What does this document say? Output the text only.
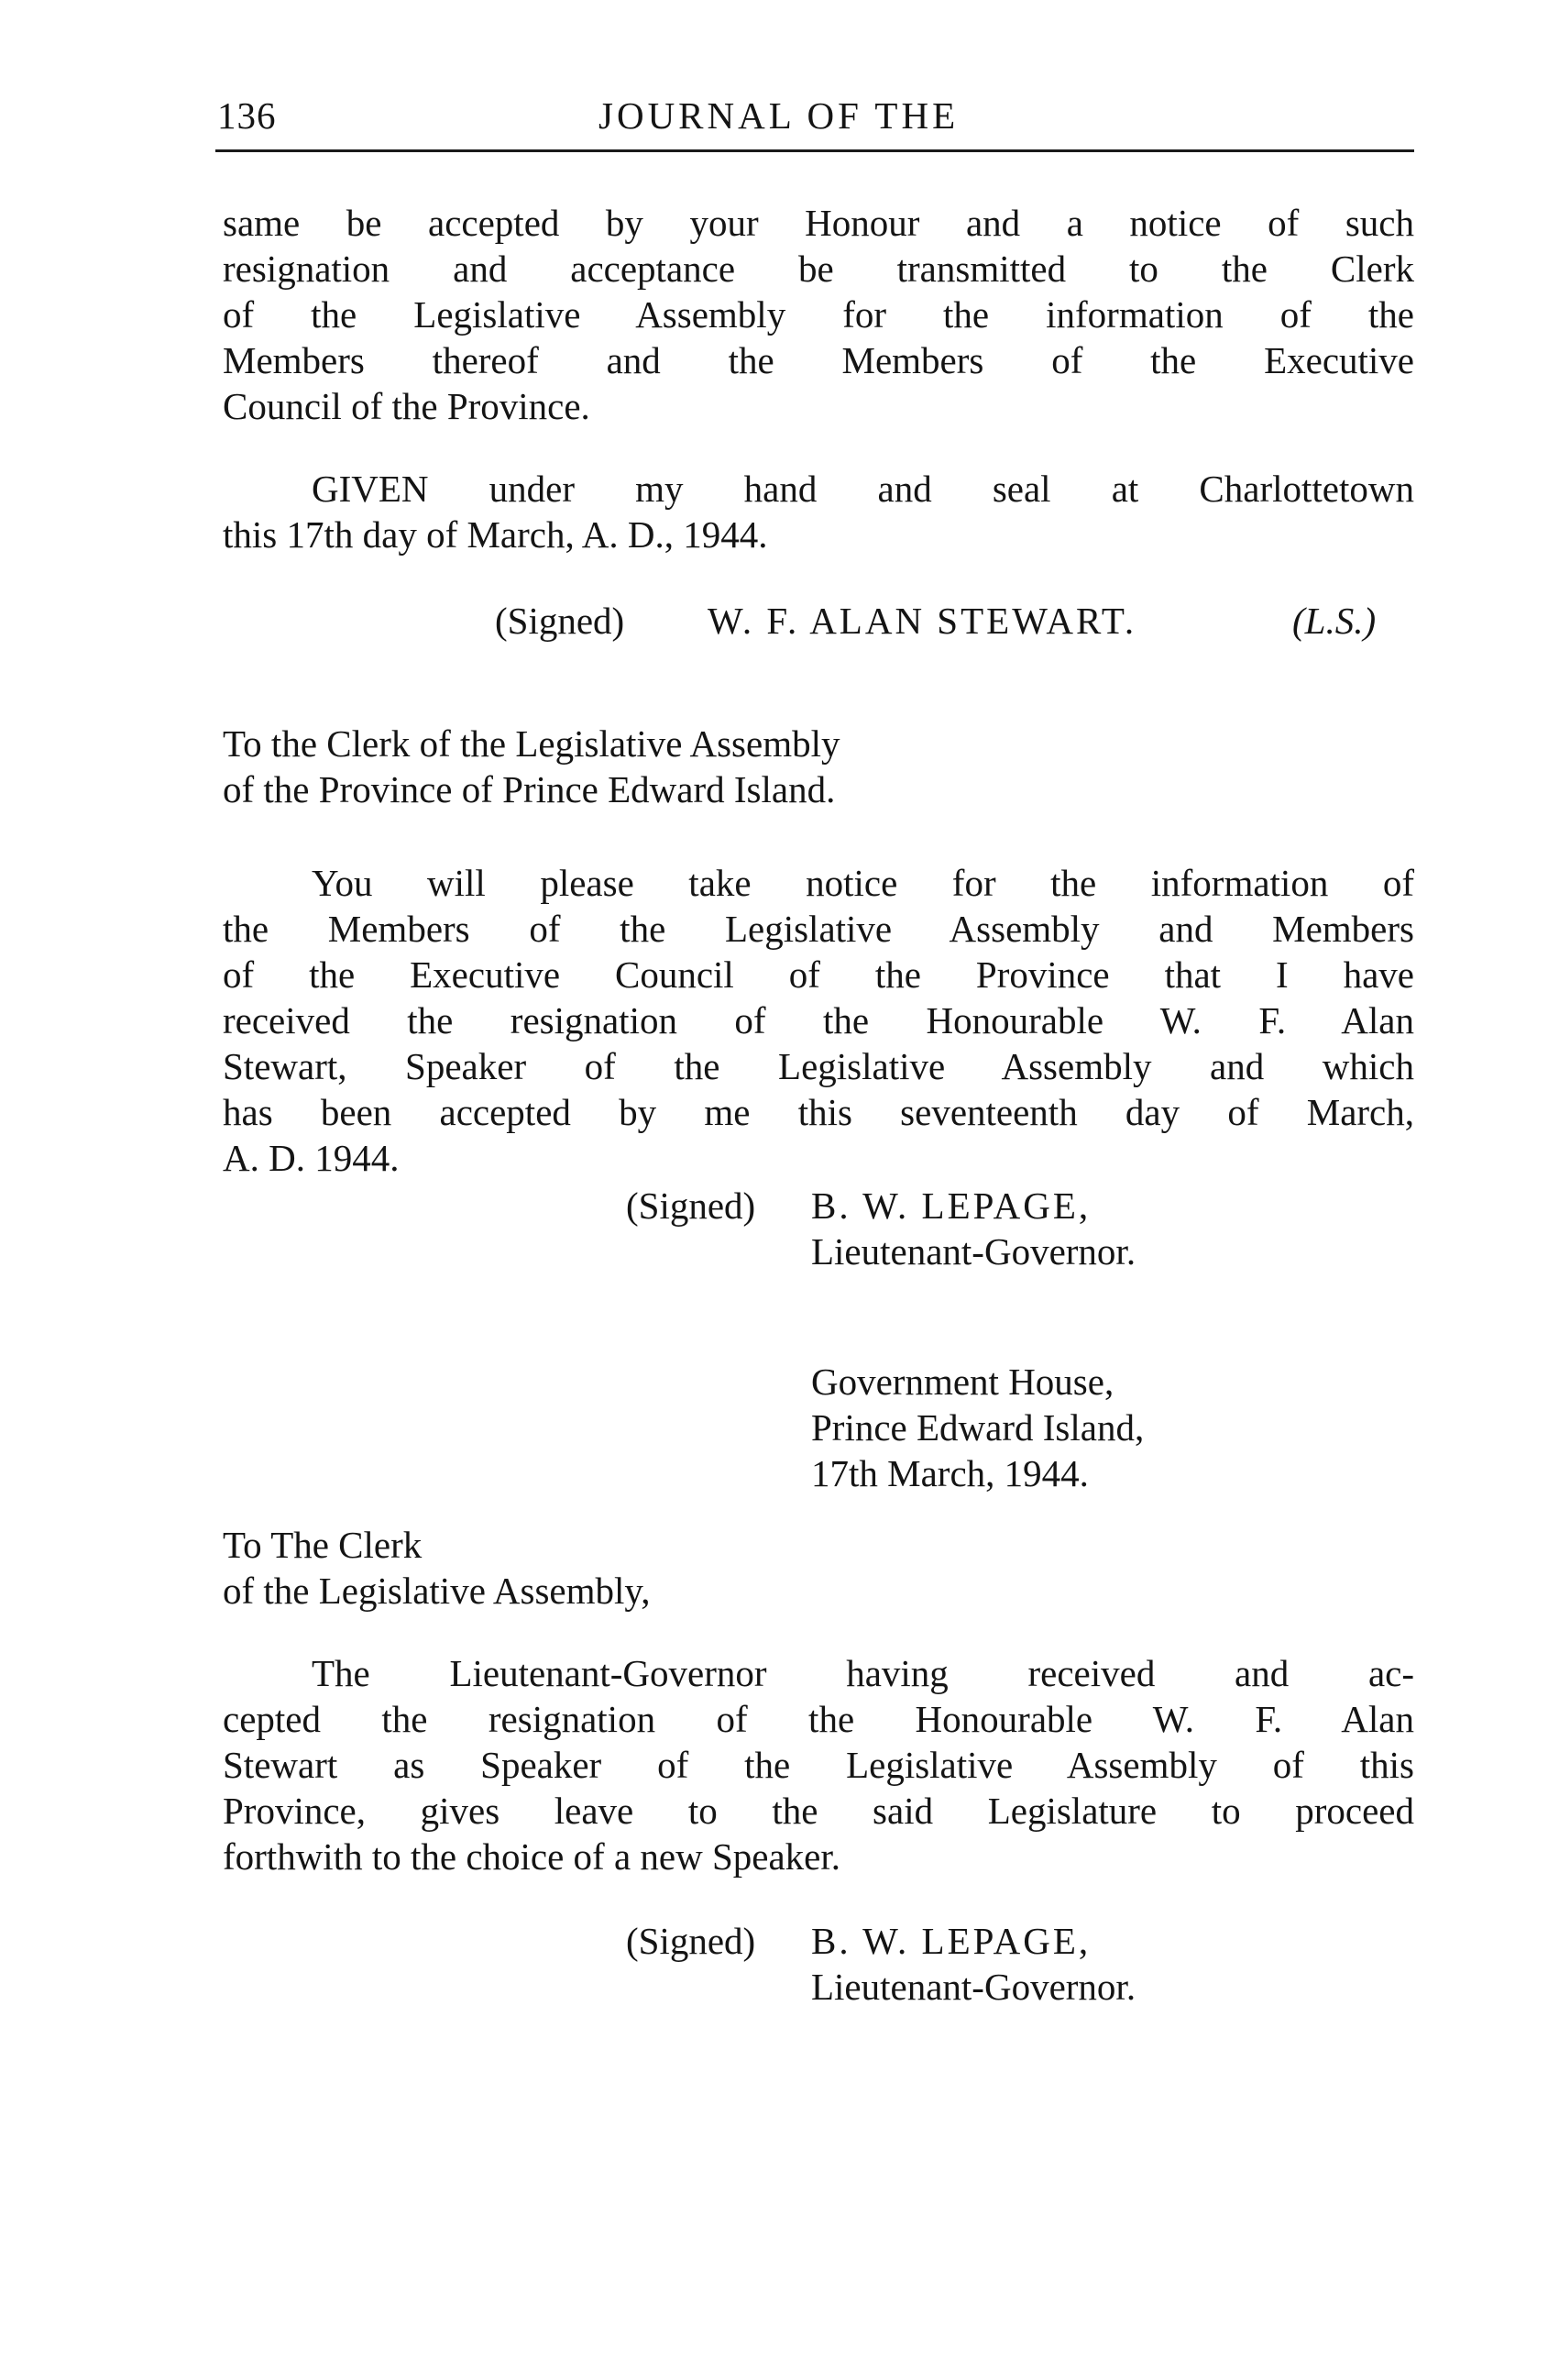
136	JOURNAL OF THE
same be accepted by your Honour and a notice of such
resignation and acceptance be transmitted to the Clerk
of the Legislative Assembly for the information of the
Members thereof and the Members of the Executive
Council of the Province.
GIVEN under my hand and seal at Charlottetown
this 17th day of March, A. D., 1944.
(Signed) W. F. ALAN STEWART.	(L.S.)
To the Clerk of the Legislative Assembly
of the Province of Prince Edward Island.
You will please take notice for the information of
the Members of the Legislative Assembly and Members
of the Executive Council of the Province that I have
received the resignation of the Honourable W. F. Alan
Stewart, Speaker of the Legislative Assembly and which
has been accepted by me this seventeenth day of March,
A. D. 1944.
(Signed) B. W. LEPAGE,
Lieutenant-Governor.
Government House,
Prince Edward Island,
17th March, 1944.
To The Clerk
of the Legislative Assembly,
The Lieutenant-Governor having received and ac-
cepted the resignation of the Honourable W. F. Alan
Stewart as Speaker of the Legislative Assembly of this
Province, gives leave to the said Legislature to proceed
forthwith to the choice of a new Speaker.
(Signed) B. W. LEPAGE,
Lieutenant-Governor.
